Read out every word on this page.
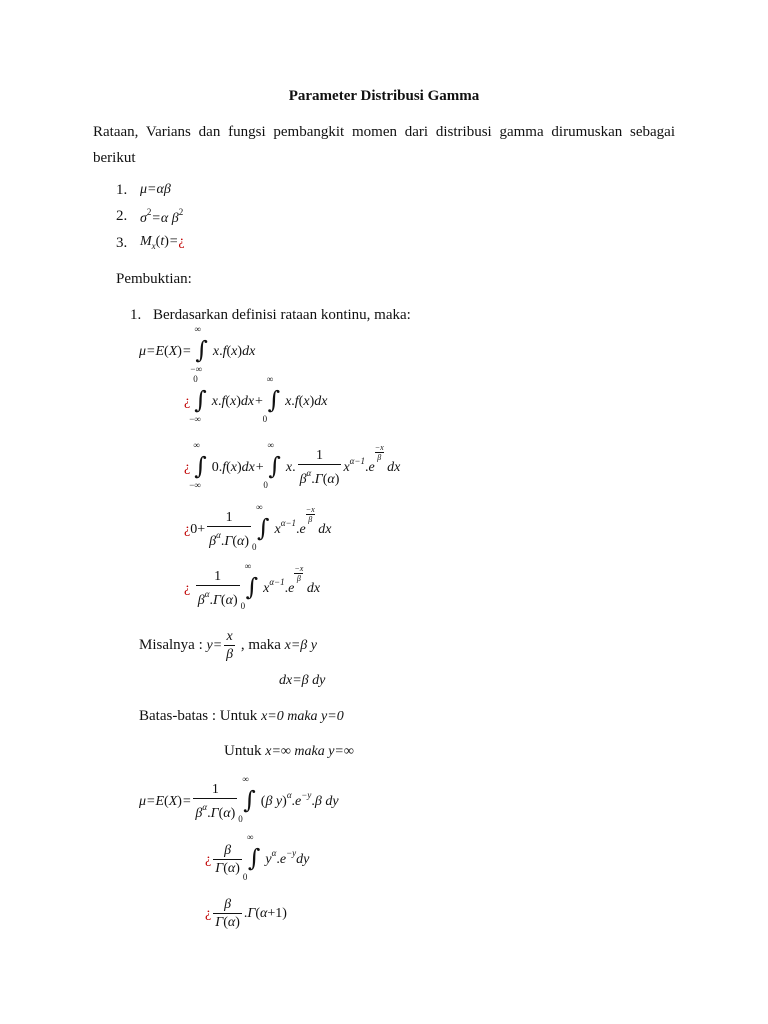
Parameter Distribusi Gamma
Rataan, Varians dan fungsi pembangkit momen dari distribusi gamma dirumuskan sebagai berikut
1. μ=αβ
2. $\sigma^2=\alpha$ $\beta^2$
3. $M_x(t)=¿$
Pembuktian:
1. Berdasarkan definisi rataan kontinu, maka:
μ=E(X)=
∞
∫
−∞
x.f(x)dx
¿
0
∫
−∞
x.f(x)dx+
∞
∫
0
x.f(x)dx
¿
∞
∫
−∞
0.f(x)dx+
∞
∫
0
x. $\frac{1}{\beta^\alpha.\Gamma(\alpha)} x^{\alpha-1}.e$
$\frac{-x}{\beta}$
dx
¿$0+ \frac{1}{\beta^\alpha.\Gamma(\alpha)}$
∞
∫
0
$x^{\alpha-1}.e$
$\frac{-x}{\beta}$
dx
¿ $\frac{1}{\beta^\alpha.\Gamma(\alpha)}$
∞
∫
0
$x^{\alpha-1}.e$
$\frac{-x}{\beta}$
dx
Misalnya : $y= \frac{x}{\beta}$ , maka x=β y
dx=β dy
Batas-batas : Untuk x=0 maka y=0
Untuk x=∞ maka y=∞
$\mu=E(X)= \frac{1}{\beta^\alpha.\Gamma(\alpha)}$
∞
∫
0
(β $y)^\alpha.e^{-y}.\beta$ dy
¿ $\frac{\beta}{\Gamma(\alpha)}$
∞
∫
0
$y^\alpha.e^{-y}dy$
¿ $\frac{\beta}{\Gamma(\alpha)} .\Gamma(\alpha+1)$
